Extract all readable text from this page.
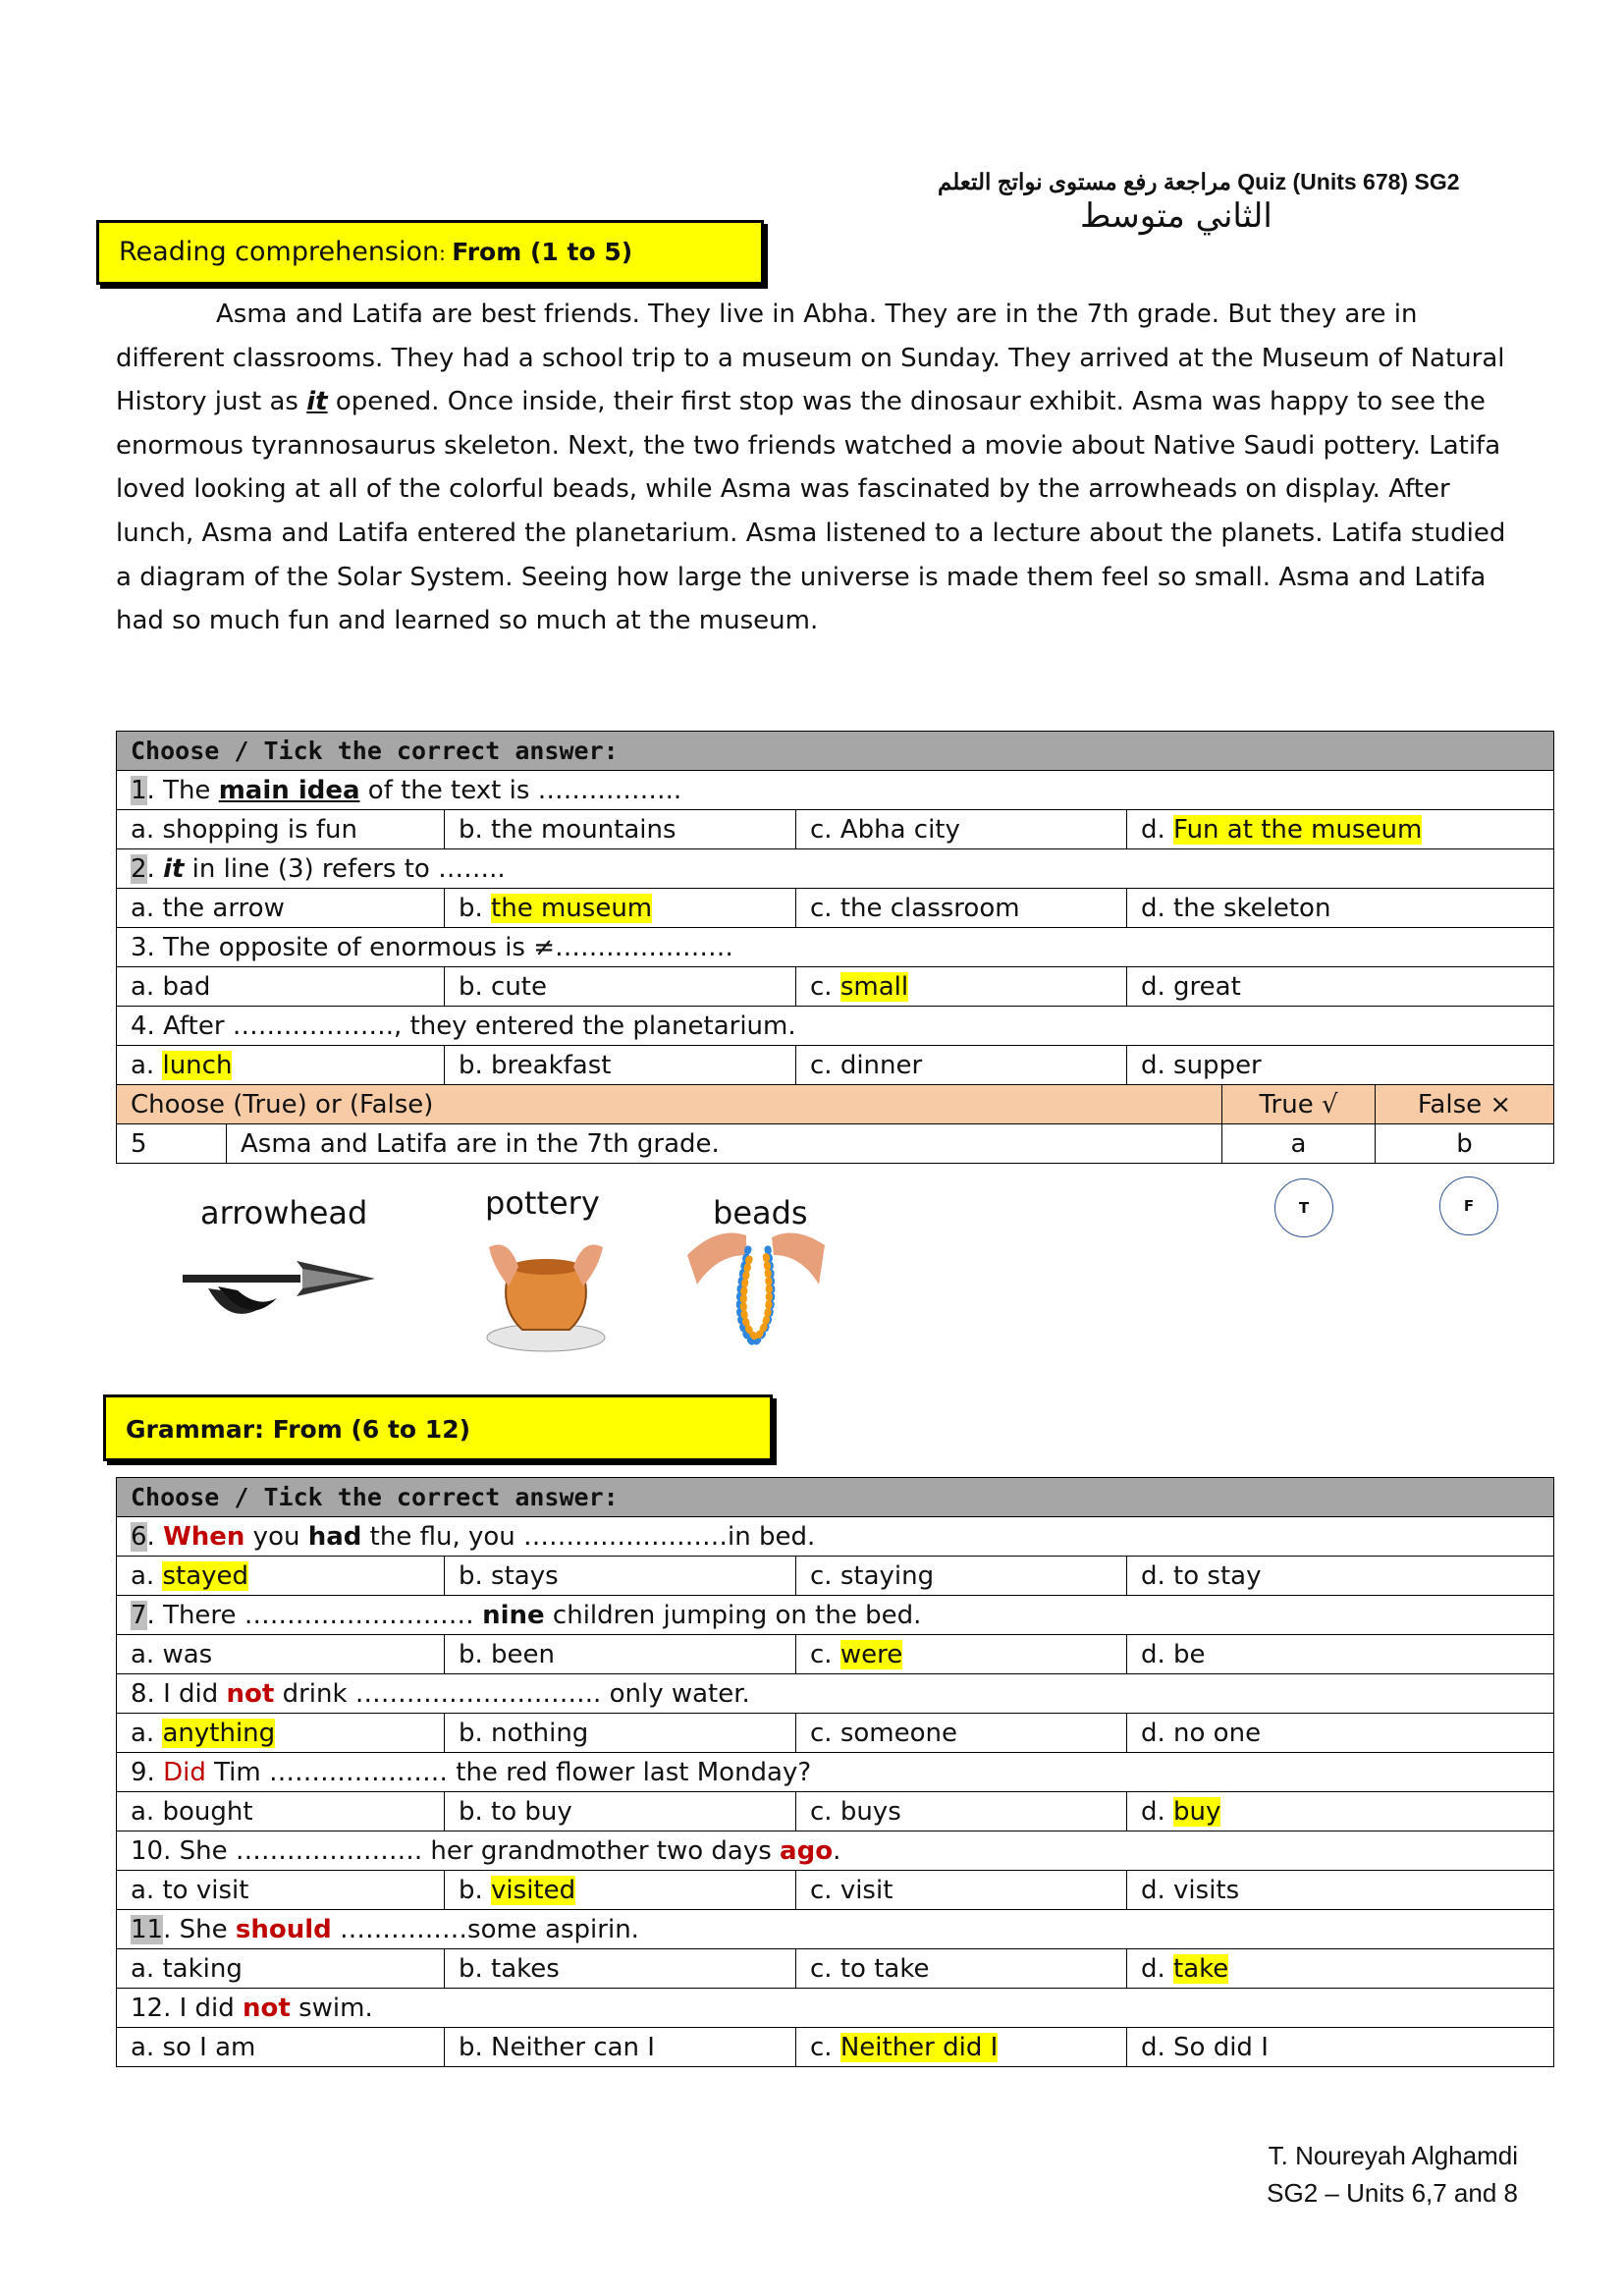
مراجعة رفع مستوى نواتج التعلم Quiz (Units 678) SG2
الثاني متوسط
Reading comprehension: From (1 to 5)

Asma and Latifa are best friends. They live in Abha. They are in the 7th grade. But they are in different classrooms. They had a school trip to a museum on Sunday. They arrived at the Museum of Natural History just as it opened. Once inside, their first stop was the dinosaur exhibit. Asma was happy to see the enormous tyrannosaurus skeleton. Next, the two friends watched a movie about Native Saudi pottery. Latifa loved looking at all of the colorful beads, while Asma was fascinated by the arrowheads on display. After lunch, Asma and Latifa entered the planetarium. Asma listened to a lecture about the planets. Latifa studied a diagram of the Solar System. Seeing how large the universe is made them feel so small. Asma and Latifa had so much fun and learned so much at the museum.

Choose / Tick the correct answer:						
1. The main idea of the text is ……………..						
a. shopping is fun		b. the mountains	c. Abha city	d. Fun at the museum		
2. it in line (3) refers to ……..						
a. the arrow		b. the museum	c. the classroom	d. the skeleton		
3. The opposite of enormous is ≠…………………						
a. bad		b. cute	c. small	d. great		
4. After ………………., they entered the planetarium.						
a. lunch		b. breakfast	c. dinner	d. supper		
Choose (True) or (False)					True √	False ×
5	Asma and Latifa are in the 7th grade.				a	b
arrowhead	pottery	beads	T	F
Grammar: From (6 to 12)
Choose / Tick the correct answer:			
6. When you had the flu, you ……………………in bed.			
a. stayed	b. stays	c. staying	d. to stay
7. There ……………………… nine children jumping on the bed.			
a. was	b. been	c. were	d. be
8. I did not drink ……………………….. only water.			
a. anything	b. nothing	c. someone	d. no one
9. Did Tim ………………… the red flower last Monday?			
a. bought	b. to buy	c. buys	d. buy
10. She …………………. her grandmother two days ago.			
a. to visit	b. visited	c. visit	d. visits
11. She should ……………some aspirin.			
a. taking	b. takes	c. to take	d. take
12. I did not swim.			
a. so I am	b. Neither can I	c. Neither did I	d. So did I
T. Noureyah Alghamdi
SG2 – Units 6,7 and 8
